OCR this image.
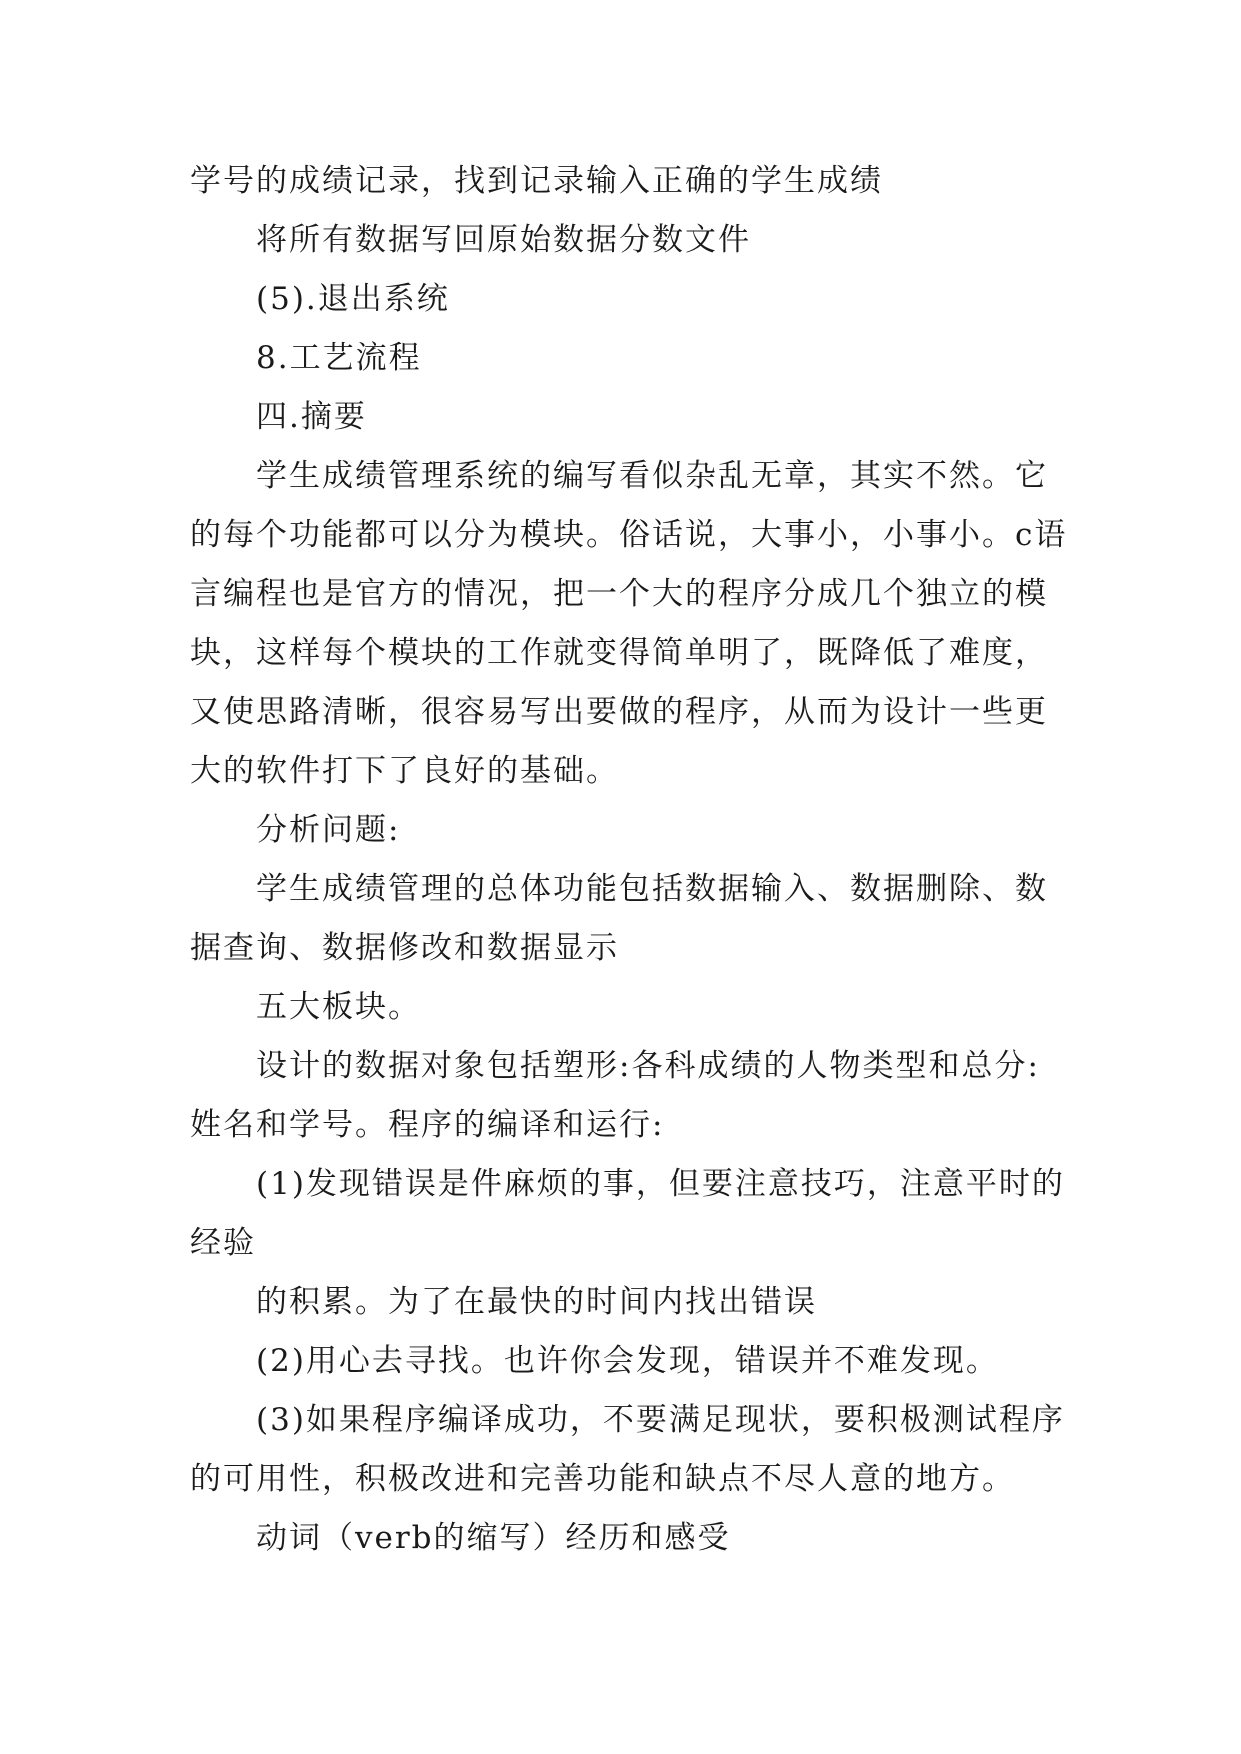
学号的成绩记录，找到记录输入正确的学生成绩

将所有数据写回原始数据分数文件

(5).退出系统

8.工艺流程

四.摘要

学生成绩管理系统的编写看似杂乱无章，其实不然。它的每个功能都可以分为模块。俗话说，大事小，小事小。c语言编程也是官方的情况，把一个大的程序分成几个独立的模块，这样每个模块的工作就变得简单明了，既降低了难度，又使思路清晰，很容易写出要做的程序，从而为设计一些更大的软件打下了良好的基础。

分析问题:

学生成绩管理的总体功能包括数据输入、数据删除、数据查询、数据修改和数据显示

五大板块。

设计的数据对象包括塑形:各科成绩的人物类型和总分:姓名和学号。程序的编译和运行:

(1)发现错误是件麻烦的事，但要注意技巧，注意平时的经验

的积累。为了在最快的时间内找出错误

(2)用心去寻找。也许你会发现，错误并不难发现。

(3)如果程序编译成功，不要满足现状，要积极测试程序的可用性，积极改进和完善功能和缺点不尽人意的地方。

动词（verb的缩写）经历和感受
